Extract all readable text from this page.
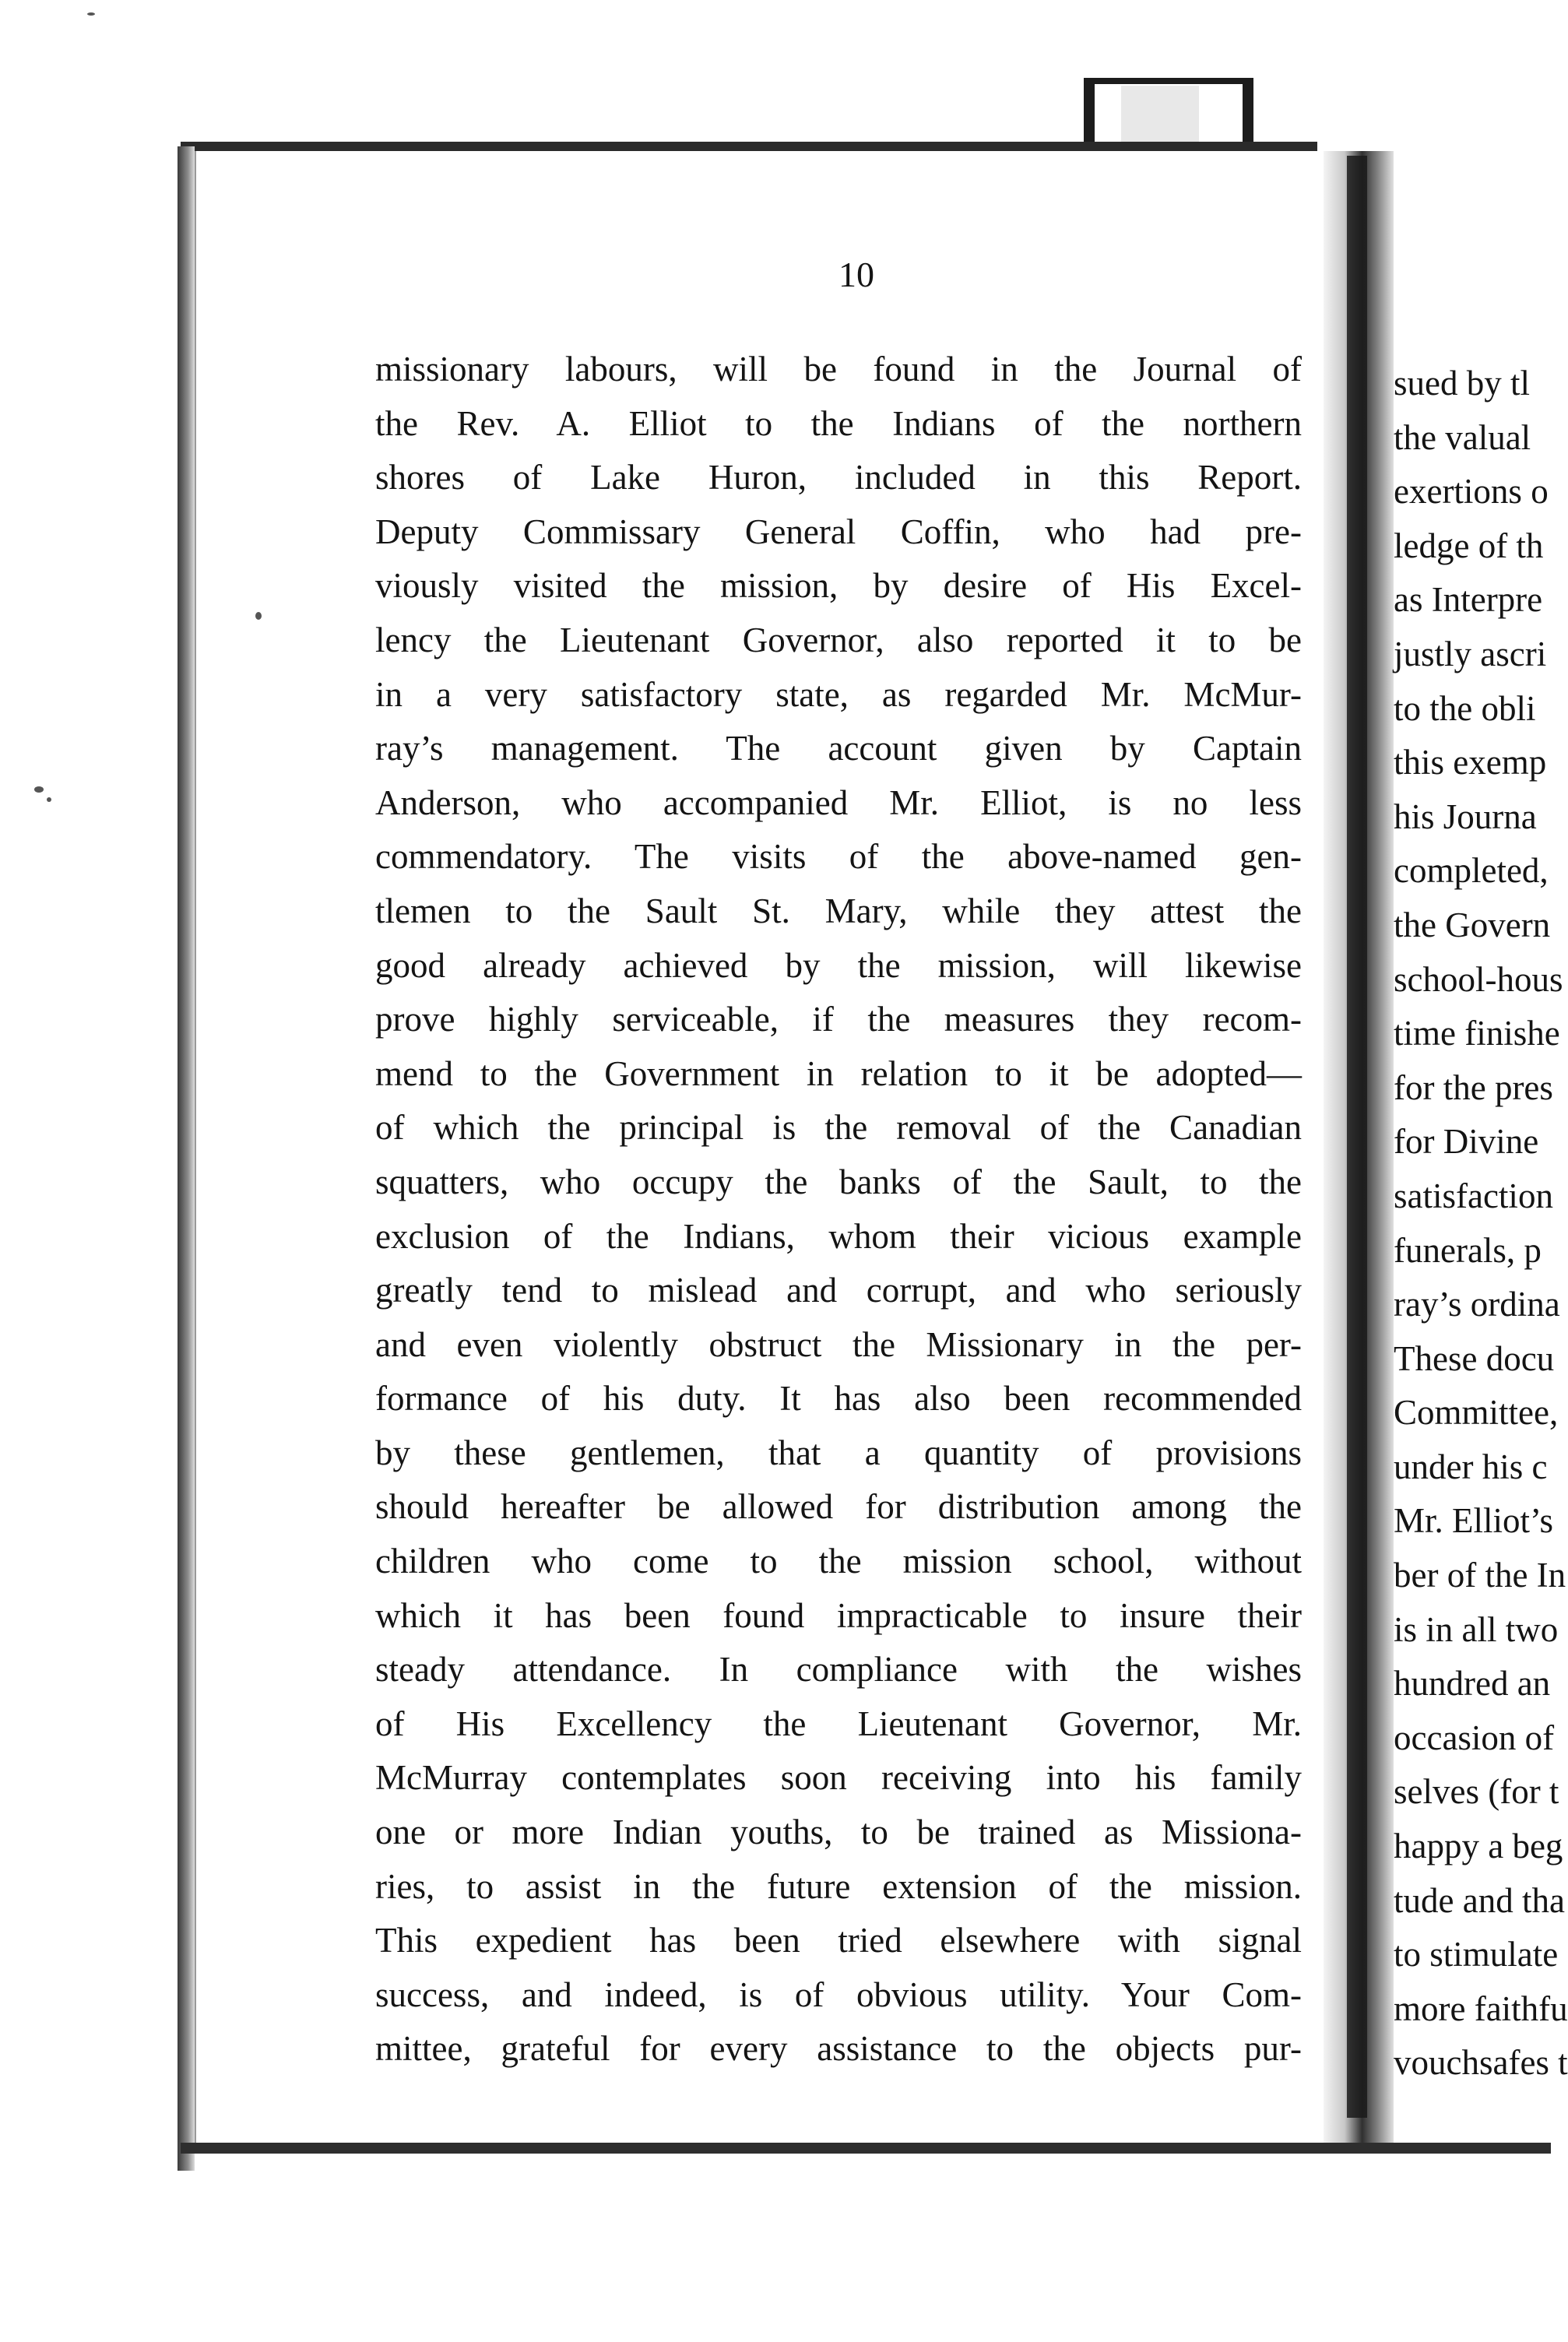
10
missionary labours, will be found in the Journal of
the Rev. A. Elliot to the Indians of the northern
shores of Lake Huron, included in this Report.
Deputy Commissary General Coffin, who had pre-
viously visited the mission, by desire of His Excel-
lency the Lieutenant Governor, also reported it to be
in a very satisfactory state, as regarded Mr. McMur-
ray’s management. The account given by Captain
Anderson, who accompanied Mr. Elliot, is no less
commendatory. The visits of the above-named gen-
tlemen to the Sault St. Mary, while they attest the
good already achieved by the mission, will likewise
prove highly serviceable, if the measures they recom-
mend to the Government in relation to it be adopted—
of which the principal is the removal of the Canadian
squatters, who occupy the banks of the Sault, to the
exclusion of the Indians, whom their vicious example
greatly tend to mislead and corrupt, and who seriously
and even violently obstruct the Missionary in the per-
formance of his duty. It has also been recommended
by these gentlemen, that a quantity of provisions
should hereafter be allowed for distribution among the
children who come to the mission school, without
which it has been found impracticable to insure their
steady attendance. In compliance with the wishes
of His Excellency the Lieutenant Governor, Mr.
McMurray contemplates soon receiving into his family
one or more Indian youths, to be trained as Missiona-
ries, to assist in the future extension of the mission.
This expedient has been tried elsewhere with signal
success, and indeed, is of obvious utility. Your Com-
mittee, grateful for every assistance to the objects pur-
sued by tl
the valual
exertions o
ledge of th
as Interpre
justly ascri
to the obli
this exemp
his Journa
completed,
the Govern
school-hous
time finishe
for the pres
for Divine
satisfaction
funerals, p
ray’s ordina
These docu
Committee,
under his c
Mr. Elliot’s
ber of the In
is in all two
hundred an
occasion of
selves (for t
happy a beg
tude and tha
to stimulate
more faithfu
vouchsafes t
